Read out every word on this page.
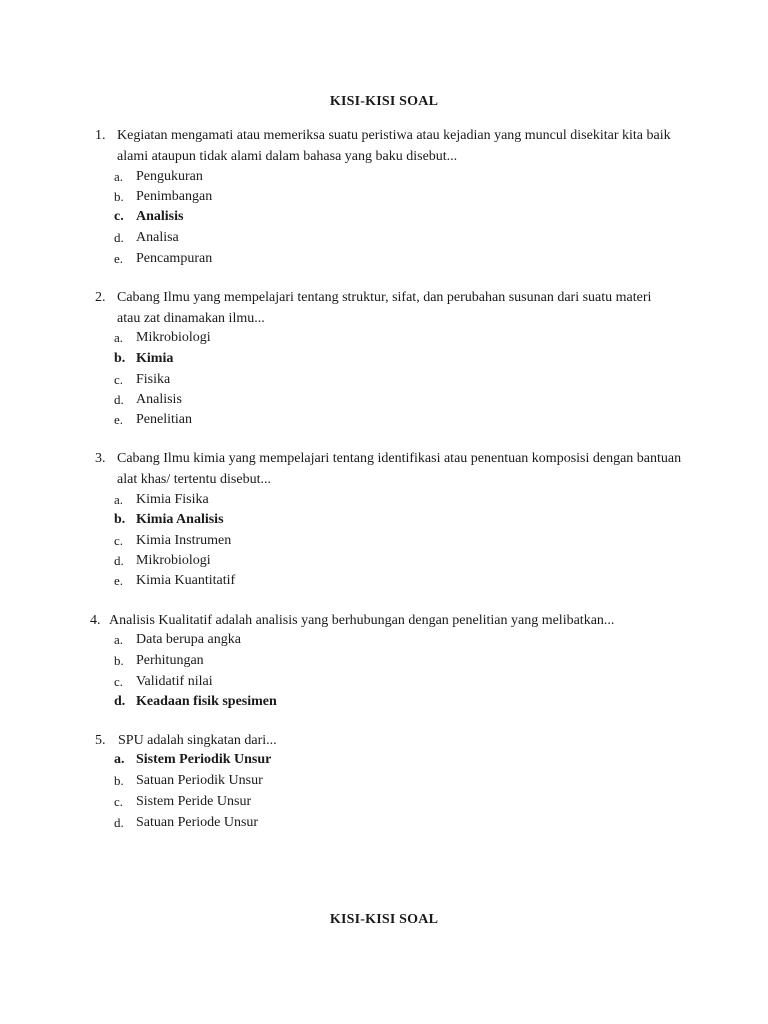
KISI-KISI SOAL
1. Kegiatan mengamati atau memeriksa suatu peristiwa atau kejadian yang muncul disekitar kita baik alami ataupun tidak alami dalam bahasa yang baku disebut...
a. Pengukuran
b. Penimbangan
c. Analisis
d. Analisa
e. Pencampuran
2. Cabang Ilmu yang mempelajari tentang struktur, sifat, dan perubahan susunan dari suatu materi atau zat dinamakan ilmu...
a. Mikrobiologi
b. Kimia
c. Fisika
d. Analisis
e. Penelitian
3. Cabang Ilmu kimia yang mempelajari tentang identifikasi atau penentuan komposisi dengan bantuan alat khas/ tertentu disebut...
a. Kimia Fisika
b. Kimia Analisis
c. Kimia Instrumen
d. Mikrobiologi
e. Kimia Kuantitatif
4. Analisis Kualitatif adalah analisis yang berhubungan dengan penelitian yang melibatkan...
a. Data berupa angka
b. Perhitungan
c. Validatif nilai
d. Keadaan fisik spesimen
5. SPU adalah singkatan dari...
a. Sistem Periodik Unsur
b. Satuan Periodik Unsur
c. Sistem Peride Unsur
d. Satuan Periode Unsur
KISI-KISI SOAL
